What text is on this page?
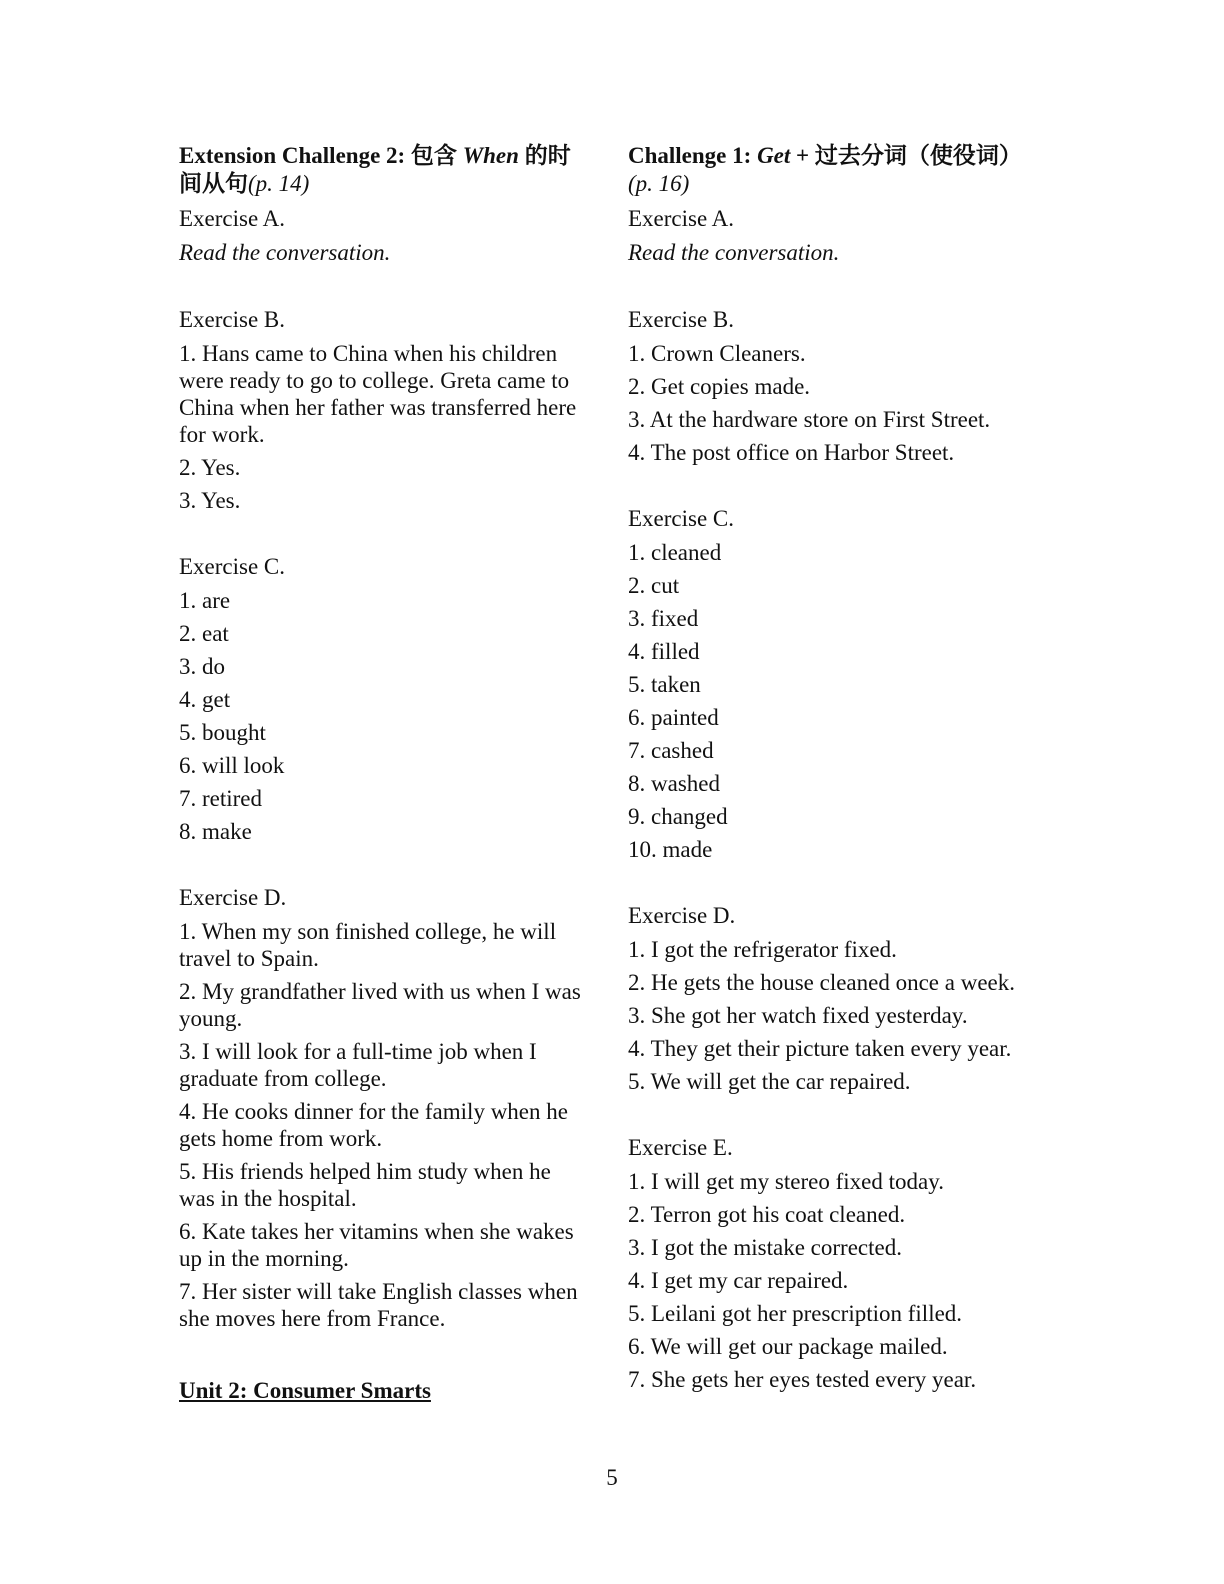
Extension Challenge 2: 包含 When 的时间从句(p. 14)
Exercise A.
Read the conversation.
Exercise B.
1. Hans came to China when his children were ready to go to college. Greta came to China when her father was transferred here for work.
2. Yes.
3. Yes.
Exercise C.
1. are
2. eat
3. do
4. get
5. bought
6. will look
7. retired
8. make
Exercise D.
1. When my son finished college, he will travel to Spain.
2. My grandfather lived with us when I was young.
3. I will look for a full-time job when I graduate from college.
4. He cooks dinner for the family when he gets home from work.
5. His friends helped him study when he was in the hospital.
6. Kate takes her vitamins when she wakes up in the morning.
7. Her sister will take English classes when she moves here from France.
Unit 2: Consumer Smarts
Challenge 1: Get + 过去分词（使役词）
(p. 16)
Exercise A.
Read the conversation.
Exercise B.
1. Crown Cleaners.
2. Get copies made.
3. At the hardware store on First Street.
4. The post office on Harbor Street.
Exercise C.
1. cleaned
2. cut
3. fixed
4. filled
5. taken
6. painted
7. cashed
8. washed
9. changed
10. made
Exercise D.
1. I got the refrigerator fixed.
2. He gets the house cleaned once a week.
3. She got her watch fixed yesterday.
4. They get their picture taken every year.
5. We will get the car repaired.
Exercise E.
1. I will get my stereo fixed today.
2. Terron got his coat cleaned.
3. I got the mistake corrected.
4. I get my car repaired.
5. Leilani got her prescription filled.
6. We will get our package mailed.
7. She gets her eyes tested every year.
5
